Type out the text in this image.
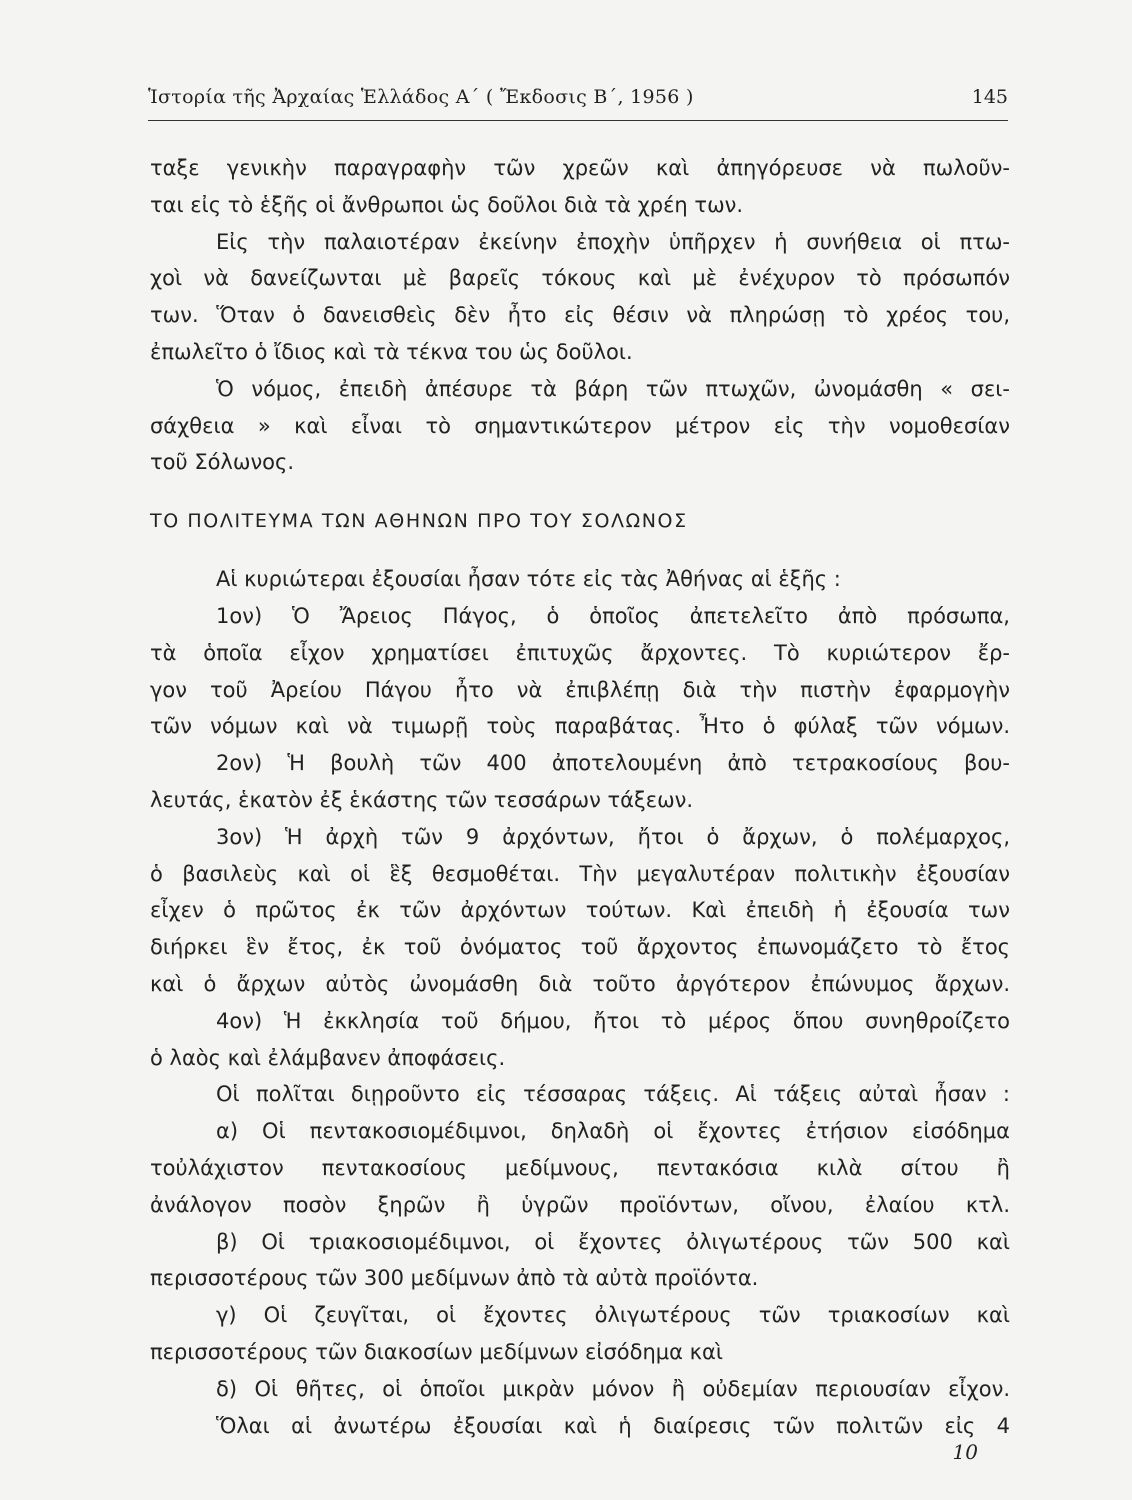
Ἱστορία τῆς Ἀρχαίας Ἑλλάδος Α΄ ( Ἔκδοσις Β΄, 1956 )	145
ταξε γενικὴν παραγραφὴν τῶν χρεῶν καὶ ἀπηγόρευσε νὰ πωλοῦν-
ται εἰς τὸ ἑξῆς οἱ ἄνθρωποι ὡς δοῦλοι διὰ τὰ χρέη των.
Εἰς τὴν παλαιοτέραν ἐκείνην ἐποχὴν ὑπῆρχεν ἡ συνήθεια οἱ πτω-
χοὶ νὰ δανείζωνται μὲ βαρεῖς τόκους καὶ μὲ ἐνέχυρον τὸ πρόσωπόν
των. Ὅταν ὁ δανεισθεὶς δὲν ἦτο εἰς θέσιν νὰ πληρώσῃ τὸ χρέος του,
ἐπωλεῖτο ὁ ἴδιος καὶ τὰ τέκνα του ὡς δοῦλοι.
Ὁ νόμος, ἐπειδὴ ἀπέσυρε τὰ βάρη τῶν πτωχῶν, ὠνομάσθη « σει-
σάχθεια » καὶ εἶναι τὸ σημαντικώτερον μέτρον εἰς τὴν νομοθεσίαν
τοῦ Σόλωνος.
ΤΟ ΠΟΛΙΤΕΥΜΑ ΤΩΝ ΑΘΗΝΩΝ ΠΡΟ ΤΟΥ ΣΟΛΩΝΟΣ
Αἱ κυριώτεραι ἐξουσίαι ἦσαν τότε εἰς τὰς Ἀθήνας αἱ ἑξῆς :
1ον) Ὁ Ἄρειος Πάγος, ὁ ὁποῖος ἀπετελεῖτο ἀπὸ πρόσωπα,
τὰ ὁποῖα εἶχον χρηματίσει ἐπιτυχῶς ἄρχοντες. Τὸ κυριώτερον ἔρ-
γον τοῦ Ἀρείου Πάγου ἦτο νὰ ἐπιβλέπῃ διὰ τὴν πιστὴν ἐφαρμογὴν
τῶν νόμων καὶ νὰ τιμωρῇ τοὺς παραβάτας. Ἦτο ὁ φύλαξ τῶν νόμων.
2ον) Ἡ βουλὴ τῶν 400 ἀποτελουμένη ἀπὸ τετρακοσίους βου-
λευτάς, ἑκατὸν ἐξ ἑκάστης τῶν τεσσάρων τάξεων.
3ον) Ἡ ἀρχὴ τῶν 9 ἀρχόντων, ἤτοι ὁ ἄρχων, ὁ πολέμαρχος,
ὁ βασιλεὺς καὶ οἱ ἓξ θεσμοθέται. Τὴν μεγαλυτέραν πολιτικὴν ἐξουσίαν
εἶχεν ὁ πρῶτος ἐκ τῶν ἀρχόντων τούτων. Καὶ ἐπειδὴ ἡ ἐξουσία των
διήρκει ἓν ἔτος, ἐκ τοῦ ὀνόματος τοῦ ἄρχοντος ἐπωνομάζετο τὸ ἔτος
καὶ ὁ ἄρχων αὐτὸς ὠνομάσθη διὰ τοῦτο ἀργότερον ἐπώνυμος ἄρχων.
4ον) Ἡ ἐκκλησία τοῦ δήμου, ἤτοι τὸ μέρος ὅπου συνηθροίζετο
ὁ λαὸς καὶ ἐλάμβανεν ἀποφάσεις.
Οἱ πολῖται διῃροῦντο εἰς τέσσαρας τάξεις. Αἱ τάξεις αὐταὶ ἦσαν :
α) Οἱ πεντακοσιομέδιμνοι, δηλαδὴ οἱ ἔχοντες ἐτήσιον εἰσόδημα
τοὐλάχιστον πεντακοσίους μεδίμνους, πεντακόσια κιλὰ σίτου ἢ
ἀνάλογον ποσὸν ξηρῶν ἢ ὑγρῶν προϊόντων, οἴνου, ἐλαίου κτλ.
β) Οἱ τριακοσιομέδιμνοι, οἱ ἔχοντες ὀλιγωτέρους τῶν 500 καὶ
περισσοτέρους τῶν 300 μεδίμνων ἀπὸ τὰ αὐτὰ προϊόντα.
γ) Οἱ ζευγῖται, οἱ ἔχοντες ὀλιγωτέρους τῶν τριακοσίων καὶ
περισσοτέρους τῶν διακοσίων μεδίμνων εἰσόδημα καὶ
δ) Οἱ θῆτες, οἱ ὁποῖοι μικρὰν μόνον ἢ οὐδεμίαν περιουσίαν εἶχον.
Ὅλαι αἱ ἀνωτέρω ἐξουσίαι καὶ ἡ διαίρεσις τῶν πολιτῶν εἰς 4
10
